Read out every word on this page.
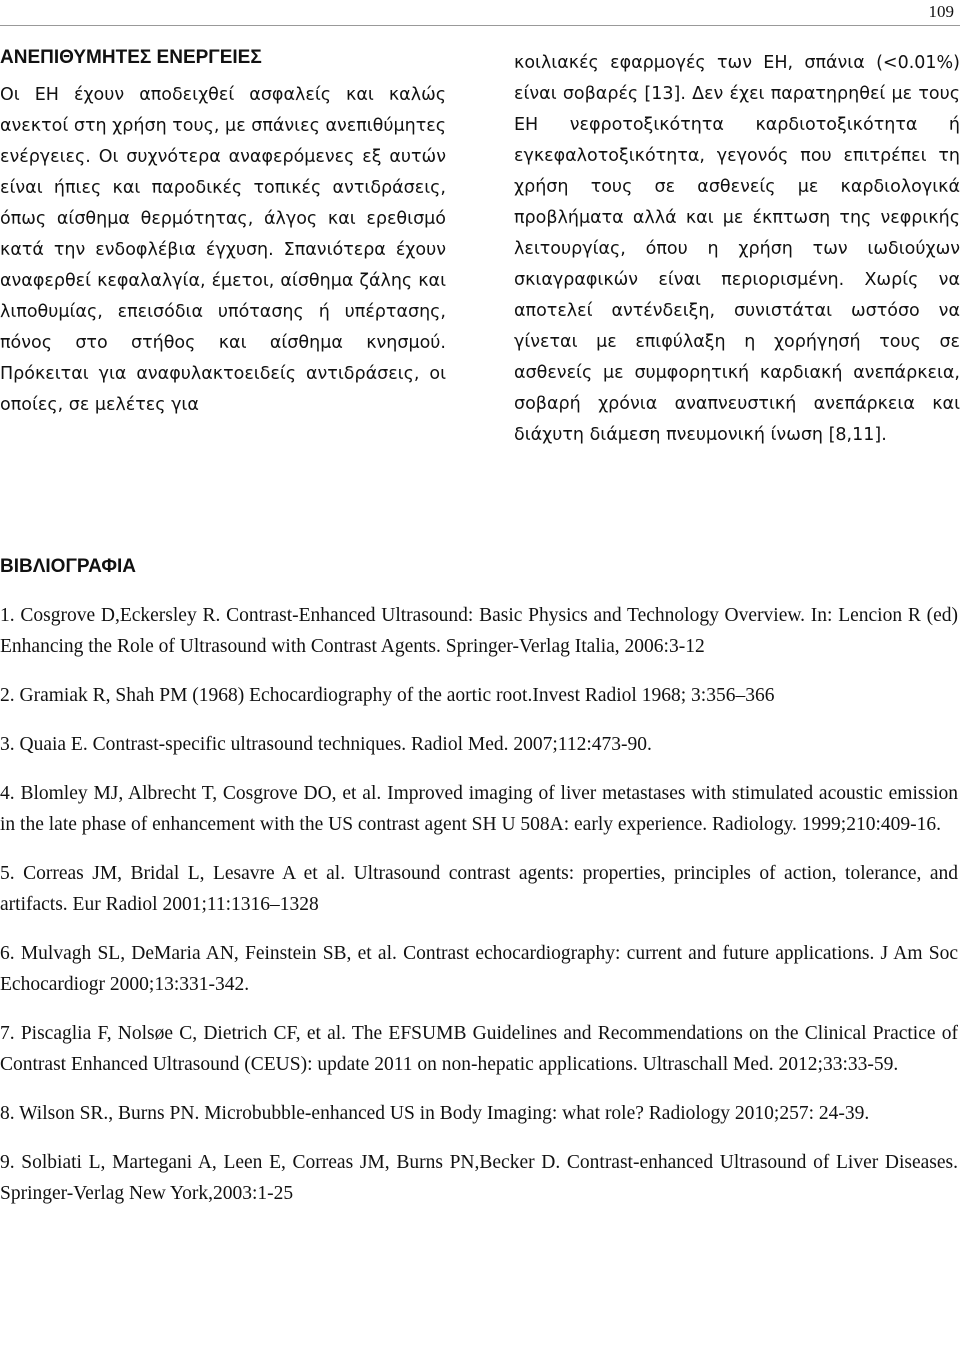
109
ΑΝΕΠΙΘΥΜΗΤΕΣ ΕΝΕΡΓΕΙΕΣ

Οι ΕΗ έχουν αποδειχθεί ασφαλείς και καλώς ανεκτοί στη χρήση τους, με σπάνιες ανεπιθύμητες ενέργειες. Οι συχνότερα αναφερόμενες εξ αυτών είναι ήπιες και παροδικές τοπικές αντιδράσεις, όπως αίσθημα θερμότητας, άλγος και ερεθισμό κατά την ενδοφλέβια έγχυση. Σπανιότερα έχουν αναφερθεί κεφαλαλγία, έμετοι, αίσθημα ζάλης και λιποθυμίας, επεισόδια υπότασης ή υπέρτασης, πόνος στο στήθος και αίσθημα κνησμού. Πρόκειται για αναφυλακτοειδείς αντιδράσεις, οι οποίες, σε μελέτες για

κοιλιακές εφαρμογές των ΕΗ, σπάνια (<0.01%) είναι σοβαρές [13]. Δεν έχει παρατηρηθεί με τους ΕΗ νεφροτοξικότητα καρδιοτοξικότητα ή εγκεφαλοτοξικότητα, γεγονός που επιτρέπει τη χρήση τους σε ασθενείς με καρδιολογικά προβλήματα αλλά και με έκπτωση της νεφρικής λειτουργίας, όπου η χρήση των ιωδιούχων σκιαγραφικών είναι περιορισμένη. Χωρίς να αποτελεί αντένδειξη, συνιστάται ωστόσο να γίνεται με επιφύλαξη η χορήγησή τους σε ασθενείς με συμφορητική καρδιακή ανεπάρκεια, σοβαρή χρόνια αναπνευστική ανεπάρκεια και διάχυτη διάμεση πνευμονική ίνωση [8,11].

ΒΙΒΛΙΟΓΡΑΦΙΑ

1. Cosgrove D,Eckersley R. Contrast-Enhanced Ultrasound: Basic Physics and Technology Overview. In: Lencion R (ed) Enhancing the Role of Ultrasound with Contrast Agents. Springer-Verlag Italia, 2006:3-12

2. Gramiak R, Shah PM (1968) Echocardiography of the aortic root.Invest Radiol 1968; 3:356–366

3. Quaia E. Contrast-specific ultrasound techniques. Radiol Med. 2007;112:473-90.

4. Blomley MJ, Albrecht T, Cosgrove DO, et al. Improved imaging of liver metastases with stimulated acoustic emission in the late phase of enhancement with the US contrast agent SH U 508A: early experience. Radiology. 1999;210:409-16.

5. Correas JM, Bridal L, Lesavre A et al. Ultrasound contrast agents: properties, principles of action, tolerance, and artifacts. Eur Radiol 2001;11:1316–1328

6. Mulvagh SL, DeMaria AN, Feinstein SB, et al. Contrast echocardiography: current and future applications. J Am Soc Echocardiogr 2000;13:331-342.

7. Piscaglia F, Nolsøe C, Dietrich CF, et al. The EFSUMB Guidelines and Recommendations on the Clinical Practice of Contrast Enhanced Ultrasound (CEUS): update 2011 on non-hepatic applications. Ultraschall Med. 2012;33:33-59.

8. Wilson SR., Burns PN. Microbubble-enhanced US in Body Imaging: what role? Radiology 2010;257: 24-39.

9. Solbiati L, Martegani A, Leen E, Correas JM, Burns PN,Becker D. Contrast-enhanced Ultrasound of Liver Diseases. Springer-Verlag New York,2003:1-25
